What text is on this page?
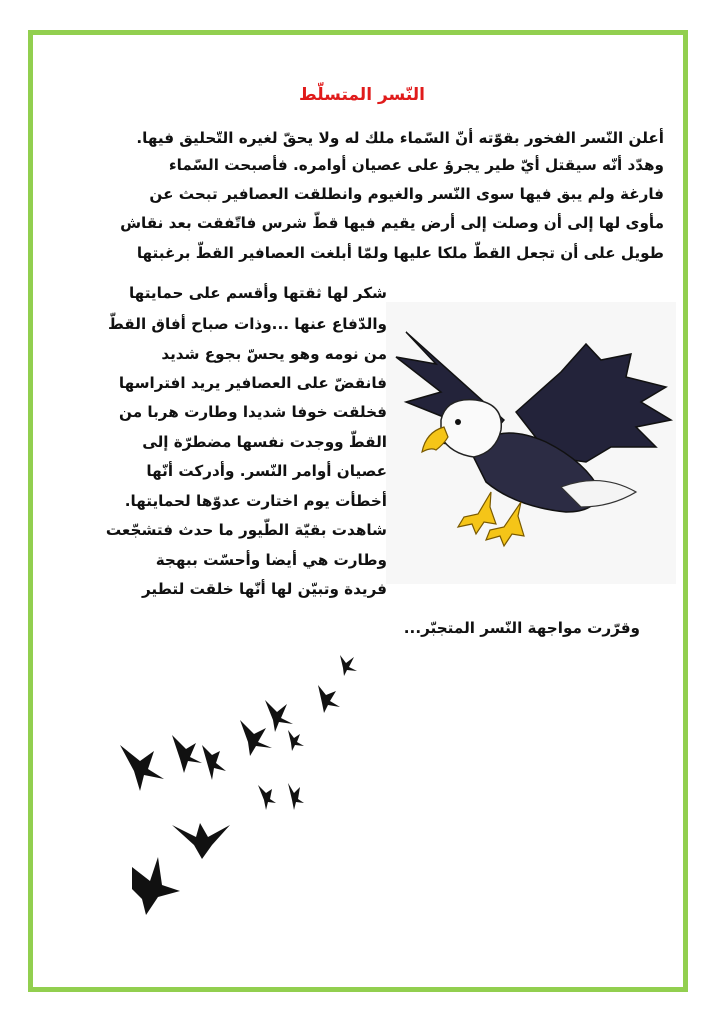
النّسر المتسلّط
أعلن النّسر الفخور بقوّته أنّ السّماء ملك له ولا يحقّ لغيره التّحليق فيها.
وهدّد أنّه سيقتل أيّ طير يجرؤ على عصيان أوامره. فأصبحت السّماء
فارغة ولم يبق فيها سوى النّسر والغيوم وانطلقت العصافير تبحث عن
مأوى لها إلى أن وصلت إلى أرض يقيم فيها قطّ شرس فاتّفقت بعد نقاش
طويل على أن تجعل القطّ ملكا عليها ولمّا أبلغت العصافير القطّ برغبتها
شكر لها ثقتها وأقسم على حمايتها
والدّفاع عنها ...وذات صباح أفاق القطّ
من نومه وهو يحسّ بجوع شديد
فانقضّ على العصافير يريد افتراسها
فخلقت خوفا شديدا وطارت هربا من
القطّ ووجدت نفسها مضطرّة إلى
عصيان أوامر النّسر. وأدركت أنّها
أخطأت يوم اختارت عدوّها لحمايتها.
شاهدت بقيّة الطّيور ما حدث فتشجّعت
وطارت هي أيضا وأحسّت ببهجة
فريدة وتبيّن لها أنّها خلقت لتطير
وقرّرت مواجهة النّسر المتجبّر...
